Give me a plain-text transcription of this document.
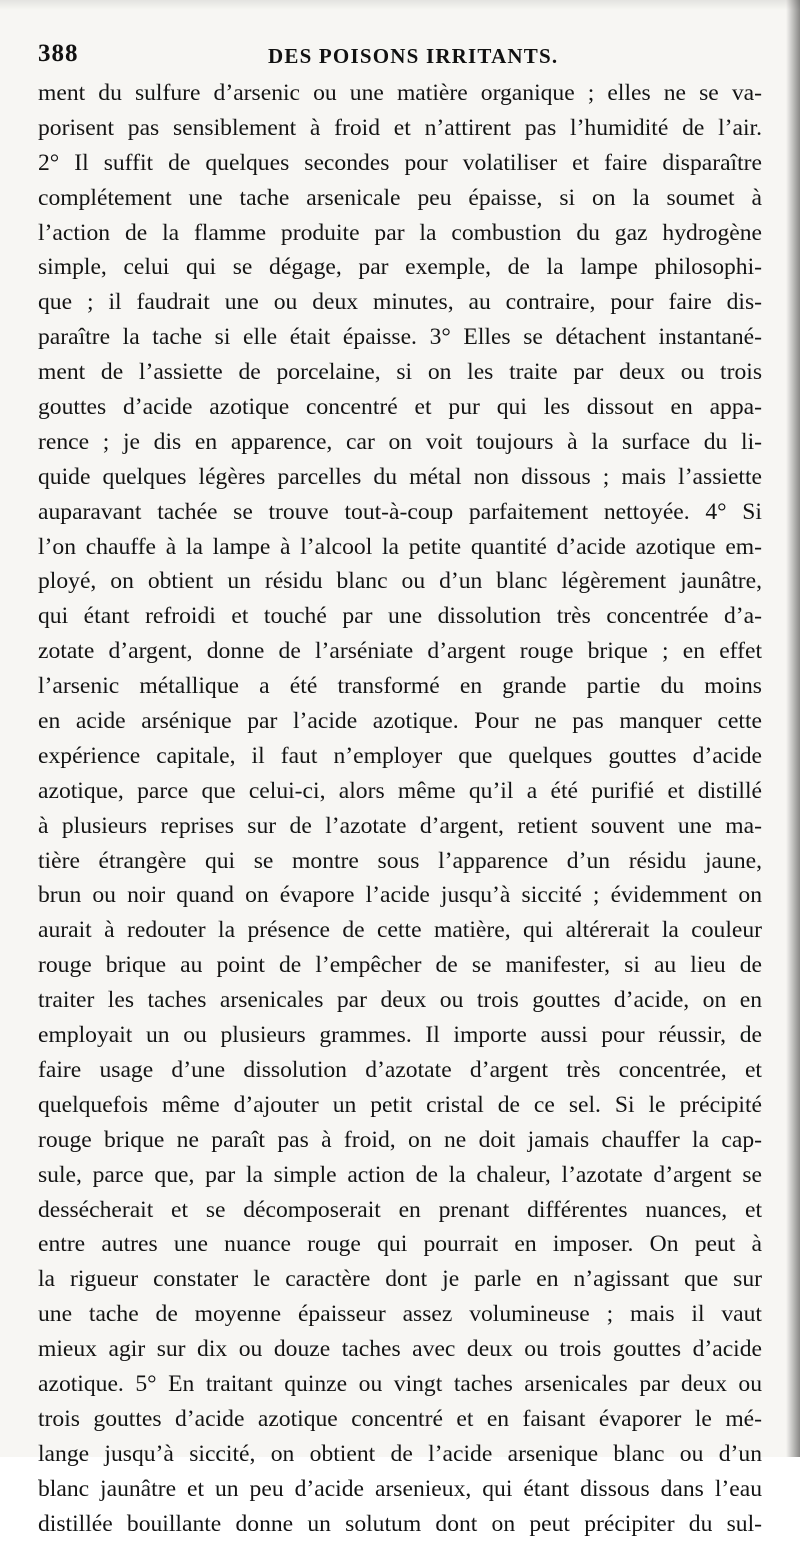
388	DES POISONS IRRITANTS.
ment du sulfure d’arsenic ou une matière organique ; elles ne se va-
porisent pas sensiblement à froid et n’attirent pas l’humidité de l’air.
2° Il suffit de quelques secondes pour volatiliser et faire disparaître
complétement une tache arsenicale peu épaisse, si on la soumet à
l’action de la flamme produite par la combustion du gaz hydrogène
simple, celui qui se dégage, par exemple, de la lampe philosophi-
que ; il faudrait une ou deux minutes, au contraire, pour faire dis-
paraître la tache si elle était épaisse. 3° Elles se détachent instantané-
ment de l’assiette de porcelaine, si on les traite par deux ou trois
gouttes d’acide azotique concentré et pur qui les dissout en appa-
rence ; je dis en apparence, car on voit toujours à la surface du li-
quide quelques légères parcelles du métal non dissous ; mais l’assiette
auparavant tachée se trouve tout-à-coup parfaitement nettoyée. 4° Si
l’on chauffe à la lampe à l’alcool la petite quantité d’acide azotique em-
ployé, on obtient un résidu blanc ou d’un blanc légèrement jaunâtre,
qui étant refroidi et touché par une dissolution très concentrée d’a-
zotate d’argent, donne de l’arséniate d’argent rouge brique ; en effet
l’arsenic métallique a été transformé en grande partie du moins
en acide arsénique par l’acide azotique. Pour ne pas manquer cette
expérience capitale, il faut n’employer que quelques gouttes d’acide
azotique, parce que celui-ci, alors même qu’il a été purifié et distillé
à plusieurs reprises sur de l’azotate d’argent, retient souvent une ma-
tière étrangère qui se montre sous l’apparence d’un résidu jaune,
brun ou noir quand on évapore l’acide jusqu’à siccité ; évidemment on
aurait à redouter la présence de cette matière, qui altérerait la couleur
rouge brique au point de l’empêcher de se manifester, si au lieu de
traiter les taches arsenicales par deux ou trois gouttes d’acide, on en
employait un ou plusieurs grammes. Il importe aussi pour réussir, de
faire usage d’une dissolution d’azotate d’argent très concentrée, et
quelquefois même d’ajouter un petit cristal de ce sel. Si le précipité
rouge brique ne paraît pas à froid, on ne doit jamais chauffer la cap-
sule, parce que, par la simple action de la chaleur, l’azotate d’argent se
dessécherait et se décomposerait en prenant différentes nuances, et
entre autres une nuance rouge qui pourrait en imposer. On peut à
la rigueur constater le caractère dont je parle en n’agissant que sur
une tache de moyenne épaisseur assez volumineuse ; mais il vaut
mieux agir sur dix ou douze taches avec deux ou trois gouttes d’acide
azotique. 5° En traitant quinze ou vingt taches arsenicales par deux ou
trois gouttes d’acide azotique concentré et en faisant évaporer le mé-
lange jusqu’à siccité, on obtient de l’acide arsenique blanc ou d’un
blanc jaunâtre et un peu d’acide arsenieux, qui étant dissous dans l’eau
distillée bouillante donne un solutum dont on peut précipiter du sul-
